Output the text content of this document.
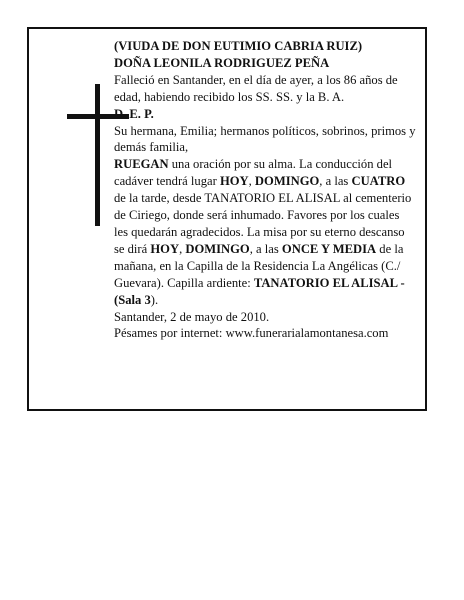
(VIUDA DE DON EUTIMIO CABRIA RUIZ)

DOÑA LEONILA RODRIGUEZ PEÑA

Falleció en Santander, en el día de ayer, a los 86 años de edad, habiendo recibido los SS. SS. y la B. A.

D. E. P.

Su hermana, Emilia; hermanos políticos, sobrinos, primos y demás familia,

RUEGAN una oración por su alma. La conducción del cadáver tendrá lugar HOY, DOMINGO, a las CUATRO de la tarde, desde TANATORIO EL ALISAL al cementerio de Ciriego, donde será inhumado. Favores por los cuales les quedarán agradecidos. La misa por su eterno descanso se dirá HOY, DOMINGO, a las ONCE Y MEDIA de la mañana, en la Capilla de la Residencia La Angélicas (C./ Guevara). Capilla ardiente: TANATORIO EL ALISAL - (Sala 3).

Santander, 2 de mayo de 2010.

Pésames por internet: www.funerarialamontanesa.com
